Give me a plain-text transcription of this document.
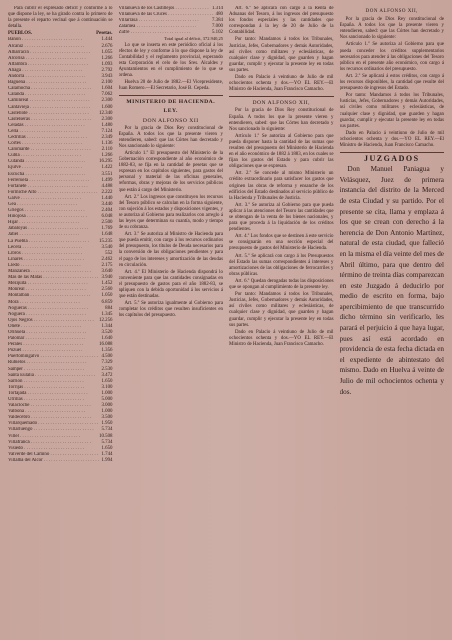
Para cubrir el expresado déficit y conforme á lo que dispone la ley, se ha girado contra lo primero de la presente el reparto vecinal que á continuación se detalla.

PUEBLOS.	Pesetas.
Bañón . . .	1.444
Alcañiz . . .	2.676
Albarracín . . .	1.055
Alcorisa . . .	1.266
Alfambra . . .	1.093
Aliaga . . .	2.792
Andorra . . .	3.943
Báguena . . .	2.100
Calamocha . . .	1.604
Calanda . . .	7.062
Caminreal . . .	2.300
Cantavieja . . .	1.600
Castellote . . .	12.340
Castelserás . . .	2.300
Celadas . . .	1.480
Cella . . .	7.124
Cedrillas . . .	2.349
Cortes . . .	1.136
Calomarde . . .	2.110
Cubla . . .	1.266
Cutanda . . .	16.295
Ejulve . . .	1.422
Escucha . . .	3.551
Ferreruela . . .	1.499
Fortanete . . .	4.488
Formiche Alto . . .	2.222
Galve . . .	1.440
Gea . . .	3.440
Griegos . . .	2.404
Hinojosa . . .	6.048
Híjar . . .	2.500
Jabaloyas . . .	1.769
Jatiel . . .	1.648
La Puebla . . .	15.235
Lécera . . .	3.540
Libros . . .	552
Linares . . .	2.462
Lledó . . .	2.175
Manzanera . . .	3.640
Mas de las Matas . . .	3.940
Mezquita . . .	1.452
Monreal . . .	2.560
Montalbán . . .	1.050
Mora . . .	6.859
Nogueras . . .	884
Noguera . . .	1.345
Ojos Negros . . .	12.256
Oliete . . .	1.344
Orihuela . . .	3.520
Palomar . . .	1.640
Perales . . .	16.088
Pozuel . . .	1.356
Puertomingalvo . . .	4.500
Rubielos . . .	7.329
Samper . . .	2.530
Santa Eulalia . . .	3.472
Sarrión . . .	1.650
Torrijas . . .	3.100
Tortajada . . .	1.000
Utrillas . . .	5.000
Valacloche . . .	3.000
Valbona . . .	1.000
Valdecebro . . .	3.500
Villarquemado . . .	1.950
Villarluengo . . .	5.734
Villel . . .	10.508
Villafranca . . .	5.734
Visiedo . . .	1.650
Valverde del Camino . . .	1.744
Villalba del Alcor . . .	1.994
Villanueva de los Castillejos . . .	1.314
Villanueva de las Cruces . . .	480
Villarrasa . . .	7.384
Zalamea . . .	7.000
Zufre . . .	5.102
Total igual al déficit, 372.940,25

Lo que se inserta en este periódico oficial á los efectos de ley y conforme á lo que dispone la ley de Contabilidad y el reglamento provincial, esperando esta Corporación el celo de los Sres. Alcaldes y Ayuntamientos en el cumplimiento de lo que se ordena.

Huelva 20 de Julio de 1882.—El Vicepresidente, Juan Romero.—El Secretario, José B. Cepeda.

MINISTERIO DE HACIENDA.
LEY.
DON ALFONSO XII

Por la gracia de Dios Rey constitucional de España. A todos los que la presente vieren y entendieren, sabed: que las Córtes han decretado y Nos sancionado lo siguiente:

Artículo 1.º El presupuesto del Ministerio de la Gobernación correspondiente al año económico de 1882-83, se fija en la cantidad de pesetas que se expresan en los capítulos siguientes, para gastos del personal y material de las oficinas generales, reformas, obras y mejoras de los servicios públicos que están á cargo del Ministerio.

Art. 2.º Los ingresos que constituyen los recursos del Tesoro público se calculan en la forma siguiente, con sujeción á los estados y disposiciones vigentes, y se autoriza al Gobierno para realizarlos con arreglo á las leyes que determinan su cuantía, modo y tiempo de su cobranza.

Art. 3.º Se autoriza al Ministro de Hacienda para que pueda emitir, con cargo á los recursos ordinarios del presupuesto, los títulos de Deuda necesarios para la conversión de las obligaciones pendientes y para el pago de los intereses y amortización de las deudas en circulación.

Art. 4.º El Ministerio de Hacienda dispondrá lo conveniente para que las cantidades consignadas en el presupuesto de gastos para el año 1882-83, se apliquen con la debida oportunidad á los servicios á que están destinadas.

Art. 5.º Se autoriza igualmente al Gobierno para completar los créditos que resulten insuficientes en los capítulos del presupuesto.

Art. 6.º Se aplicará con cargo á la Renta de Aduanas del Tesoro, á los ingresos del presupuesto los fondos especiales y las cantidades que correspondan á la ley de 20 de Julio de la Contabilidad.

Por tanto: Mandamos á todos los Tribunales, Justicias, Jefes, Gobernadores y demás Autoridades, así civiles como militares y eclesiásticas, de cualquier clase y dignidad, que guarden y hagan guardar, cumplir y ejecutar la presente ley en todas sus partes.

Dado en Palacio á veintiuno de Julio de mil ochocientos ochenta y dos.—YO EL REY.—El Ministro de Hacienda, Juan Francisco Camacho.

DON ALFONSO XII,

Por la gracia de Dios Rey constitucional de España. A todos los que la presente vieren y entendieren, sabed: que las Córtes han decretado y Nos sancionado lo siguiente:

Artículo 1.º Se autoriza al Gobierno para que pueda disponer hasta la cantidad de las sumas que resulten del presupuesto del Ministerio de Hacienda en el año económico de 1882 á 1883, en los cuales se fijan los gastos del Estado y para cubrir las obligaciones que se expresan.

Art. 2.º Se concede al mismo Ministerio un crédito extraordinario para satisfacer los gastos que originen las obras de reforma y ensanche de los edificios del Estado destinados al servicio público de la Hacienda y Tribunales de Justicia.

Art. 3.º Se autoriza al Gobierno para que pueda aplicar á las atenciones del Tesoro las cantidades que se obtengan de la venta de los bienes nacionales, y para que proceda á la liquidación de los créditos pendientes.

Art. 4.º Los fondos que se destinen á este servicio se consignarán en una sección especial del presupuesto de gastos del Ministerio de Hacienda.

Art. 5.º Se aplicará con cargo á los Presupuestos del Estado las sumas correspondientes á intereses y amortizaciones de las obligaciones de ferrocarriles y obras públicas.

Art. 6.º Quedan derogadas todas las disposiciones que se opongan al cumplimiento de la presente ley.

Por tanto: Mandamos á todos los Tribunales, Justicias, Jefes, Gobernadores y demás Autoridades, así civiles como militares y eclesiásticas, de cualquier clase y dignidad, que guarden y hagan guardar, cumplir y ejecutar la presente ley en todas sus partes.

Dado en Palacio á veintiuno de Julio de mil ochocientos ochenta y dos.—YO EL REY.—El Ministro de Hacienda, Juan Francisco Camacho.

DON ALFONSO XII,

Por la gracia de Dios Rey constitucional de España. A todos los que la presente vieren y entendieren, sabed: que las Córtes han decretado y Nos sancionado lo siguiente:

Artículo 1.º Se autoriza al Gobierno para que pueda conceder los créditos supplementarios necesarios para atender á las obligaciones del Tesoro público en el presente año económico, con cargo á los recursos ordinarios del presupuesto.

Art. 2.º Se aplicará á estos créditos, con cargo á los recursos disponibles, la cantidad que resulte del presupuesto de ingresos del Estado.

Por tanto: Mandamos á todos los Tribunales, Justicias, Jefes, Gobernadores y demás Autoridades, así civiles como militares y eclesiásticas, de cualquier clase y dignidad, que guarden y hagan guardar, cumplir y ejecutar la presente ley en todas sus partes.

Dado en Palacio á veintiuno de Julio de mil ochocientos ochenta y dos.—YO EL REY.—El Ministro de Hacienda, Juan Francisco Camacho.

JUZGADOS

Don Manuel Paniagua y Velásquez, Juez de primera instancia del distrito de la Merced de esta Ciudad y su partido. Por el presente se cita, llama y emplaza á los que se crean con derecho á la herencia de Don Antonio Martínez, natural de esta ciudad, que falleció en la misma el día veinte del mes de Abril último, para que dentro del término de treinta días comparezcan en este Juzgado á deducirlo por medio de escrito en forma, bajo apercibimiento de que transcurrido dicho término sin verificarlo, les parará el perjuicio á que haya lugar, pues así está acordado en providencia de esta fecha dictada en el expediente de abintestato del mismo. Dado en Huelva á veinte de Julio de mil ochocientos ochenta y dos.
